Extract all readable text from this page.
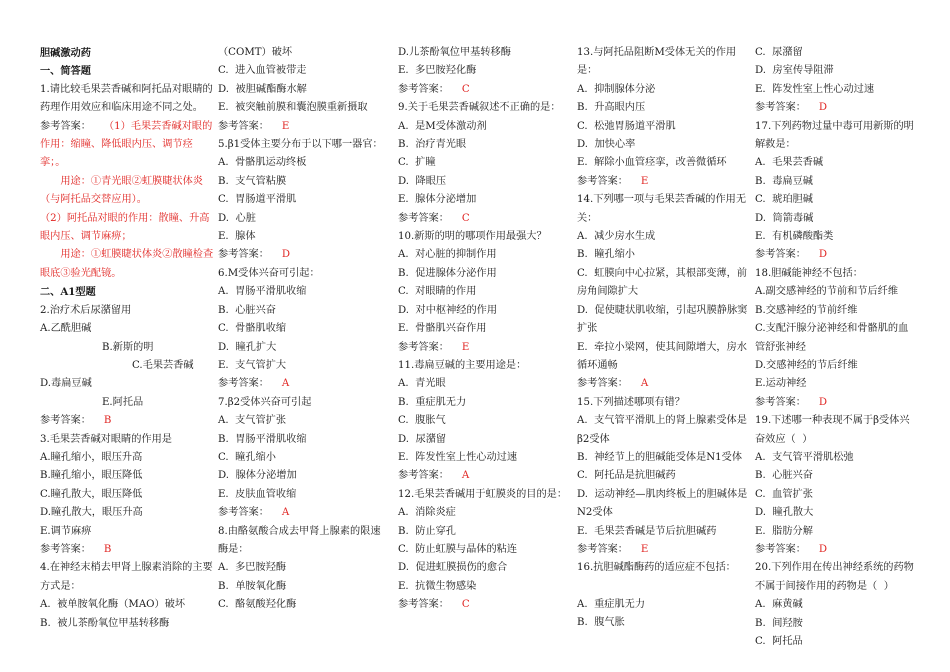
胆碱激动药
一、简答题
1.请比较毛果芸香碱和阿托品对眼睛的药理作用效应和临床用途不同之处。
参考答案： （1）毛果芸香碱对眼的作用：缩瞳、降低眼内压、调节痉挛；。
　　用途：①青光眼②虹膜睫状体炎（与阿托品交替应用）。
（2）阿托品对眼的作用：散瞳、升高眼内压、调节麻痹；
　　用途：①虹膜睫状体炎②散瞳检查眼底③验光配镜。
二、A1型题
2.治疗术后尿潴留用
A.乙酰胆碱
B.新斯的明
C.毛果芸香碱
D.毒扁豆碱
E.阿托品
参考答案： B
3.毛果芸香碱对眼睛的作用是
A.瞳孔缩小，眼压升高
B.瞳孔缩小，眼压降低
C.瞳孔散大，眼压降低
D.瞳孔散大，眼压升高
E.调节麻痹
参考答案： B
4.在神经末梢去甲肾上腺素消除的主要方式是：
A.  被单胺氧化酶（MAO）破坏
B.  被儿茶酚氧位甲基转移酶
（COMT）破坏
C.  进入血管被带走
D.  被胆碱酯酶水解
E.  被突触前膜和囊泡膜重新摄取
参考答案： E
5.β1受体主要分布于以下哪一器官：
A.  骨骼肌运动终板
B.  支气管粘膜
C.  胃肠道平滑肌
D.  心脏
E.  腺体
参考答案： D
6.M受体兴奋可引起：
A.  胃肠平滑肌收缩
B.  心脏兴奋
C.  骨骼肌收缩
D.  瞳孔扩大
E.  支气管扩大
参考答案： A
7.β2受体兴奋可引起
A.  支气管扩张
B.  胃肠平滑肌收缩
C.  瞳孔缩小
D.  腺体分泌增加
E.  皮肤血管收缩
参考答案： A
8.由酪氨酸合成去甲肾上腺素的限速酶是：
A.  多巴胺羟酶
B.  单胺氧化酶
C.  酪氨酸羟化酶
D.儿茶酚氧位甲基转移酶
E.  多巴胺羟化酶
参考答案： C
9.关于毛果芸香碱叙述不正确的是：
A.  是M受体激动剂
B.  治疗青光眼
C.  扩瞳
D.  降眼压
E.  腺体分泌增加
参考答案： C
10.新斯的明的哪项作用最强大？
A.  对心脏的抑制作用
B.  促进腺体分泌作用
C.  对眼睛的作用
D.  对中枢神经的作用
E.  骨骼肌兴奋作用
参考答案： E
11.毒扁豆碱的主要用途是：
A.  青光眼
B.  重症肌无力
C.  腹胀气
D.  尿潴留
E.  阵发性室上性心动过速
参考答案： A
12.毛果芸香碱用于虹膜炎的目的是：
A.  消除炎症
B.  防止穿孔
C.  防止虹膜与晶体的粘连
D.  促进虹膜损伤的愈合
E.  抗微生物感染
参考答案： C
13.与阿托品阻断M受体无关的作用是：
A.  抑制腺体分泌
B.  升高眼内压
C.  松弛胃肠道平滑肌
D.  加快心率
E.  解除小血管痉挛，改善微循环
参考答案： E
14.下列哪一项与毛果芸香碱的作用无关：
A.  减少房水生成
B.  瞳孔缩小
C.  虹膜向中心拉紧，其根部变薄，前房角间隙扩大
D.  促使睫状肌收缩，引起巩膜静脉窦扩张
E.  牵拉小梁网，使其间隙增大，房水循环通畅
参考答案： A
15.下列描述哪项有错？
A.  支气管平滑肌上的肾上腺素受体是β2受体
B.  神经节上的胆碱能受体是N1受体
C.  阿托品是抗胆碱药
D.  运动神经—肌肉终板上的胆碱体是N2受体
E.  毛果芸香碱是节后抗胆碱药
参考答案： E
16.抗胆碱酯酶药的适应症不包括：
A.  重症肌无力
B.  腹气胀
C.  尿潴留
D.  房室传导阻滞
E.  阵发性室上性心动过速
参考答案： D
17.下列药物过量中毒可用新斯的明解救是：
A.  毛果芸香碱
B.  毒扁豆碱
C.  琥珀胆碱
D.  筒箭毒碱
E.  有机磷酸酯类
参考答案： D
18.胆碱能神经不包括：
A.副交感神经的节前和节后纤维
B.交感神经的节前纤维
C.支配汗腺分泌神经和骨骼肌的血管舒张神经
D.交感神经的节后纤维
E.运动神经
参考答案： D
19.下述哪一种表现不属于β受体兴奋效应（  ）
A.  支气管平滑肌松弛
B.  心脏兴奋
C.  血管扩张
D.  瞳孔散大
E.  脂肪分解
参考答案： D
20.下列作用在传出神经系统的药物不属于间接作用的药物是（  ）
A.  麻黄碱
B.  间羟胺
C.  阿托品
